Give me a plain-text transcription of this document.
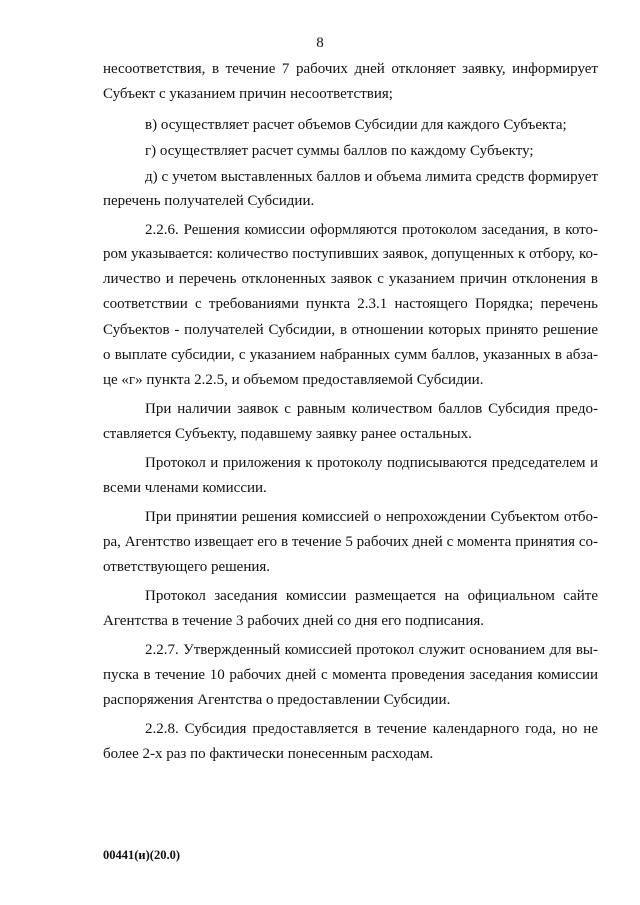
8
несоответствия, в течение 7 рабочих дней отклоняет заявку, информирует
Субъект с указанием причин несоответствия;
в) осуществляет расчет объемов Субсидии для каждого Субъекта;
г) осуществляет расчет суммы баллов по каждому Субъекту;
д) с учетом выставленных баллов и объема лимита средств формирует
перечень получателей Субсидии.
2.2.6. Решения комиссии оформляются протоколом заседания, в кото-
ром указывается: количество поступивших заявок, допущенных к отбору, ко-
личество и перечень отклоненных заявок с указанием причин отклонения в
соответствии с требованиями пункта 2.3.1 настоящего Порядка; перечень
Субъектов - получателей Субсидии, в отношении которых принято решение
о выплате субсидии, с указанием набранных сумм баллов, указанных в абза-
це «г» пункта 2.2.5, и объемом предоставляемой Субсидии.
При наличии заявок с равным количеством баллов Субсидия предо-
ставляется Субъекту, подавшему заявку ранее остальных.
Протокол и приложения к протоколу подписываются председателем и
всеми членами комиссии.
При принятии решения комиссией о непрохождении Субъектом отбо-
ра, Агентство извещает его в течение 5 рабочих дней с момента принятия со-
ответствующего решения.
Протокол заседания комиссии размещается на официальном сайте
Агентства в течение 3 рабочих дней со дня его подписания.
2.2.7. Утвержденный комиссией протокол служит основанием для вы-
пуска в течение 10 рабочих дней с момента проведения заседания комиссии
распоряжения Агентства о предоставлении Субсидии.
2.2.8. Субсидия предоставляется в течение календарного года, но не
более 2-х раз по фактически понесенным расходам.
00441(и)(20.0)
